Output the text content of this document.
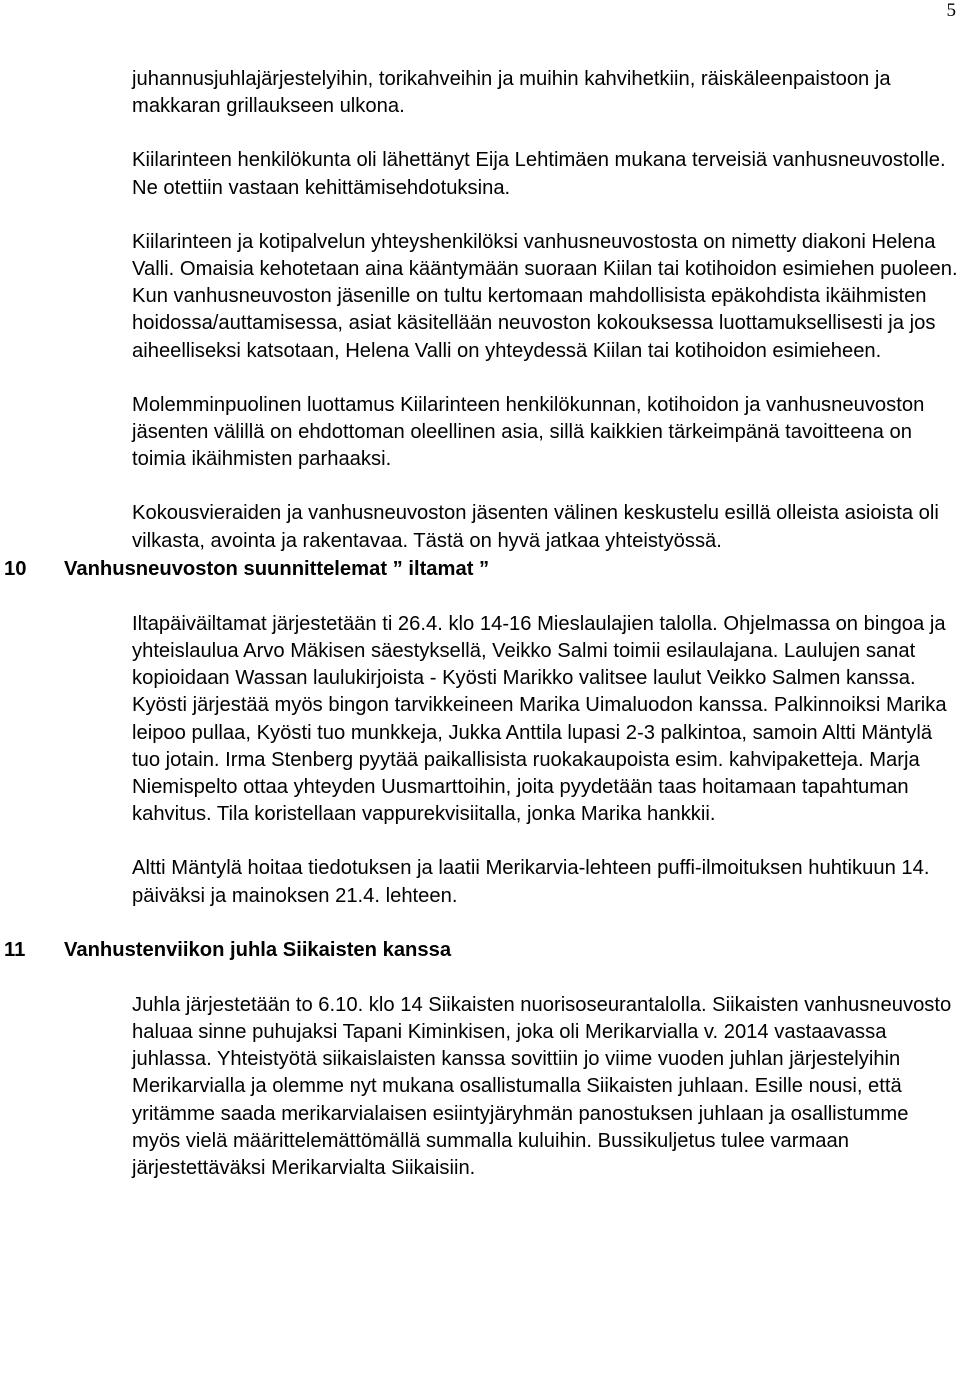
5

juhannusjuhlajärjestelyihin, torikahveihin ja muihin kahvihetkiin, räiskäleenpaistoon ja makkaran grillaukseen ulkona.

Kiilarinteen henkilökunta oli lähettänyt Eija Lehtimäen mukana terveisiä vanhusneuvostolle. Ne otettiin vastaan kehittämisehdotuksina.

Kiilarinteen ja kotipalvelun yhteyshenkilöksi vanhusneuvostosta on nimetty diakoni Helena Valli. Omaisia kehotetaan aina kääntymään suoraan Kiilan tai kotihoidon esimiehen puoleen. Kun vanhusneuvoston jäsenille on tultu kertomaan mahdollisista epäkohdista ikäihmisten hoidossa/auttamisessa, asiat käsitellään neuvoston kokouksessa luottamuksellisesti ja jos aiheelliseksi katsotaan, Helena Valli on yhteydessä Kiilan tai kotihoidon esimieheen.

Molemminpuolinen luottamus Kiilarinteen henkilökunnan, kotihoidon ja vanhusneuvoston jäsenten välillä on ehdottoman oleellinen asia, sillä kaikkien tärkeimpänä tavoitteena on toimia ikäihmisten parhaaksi.

Kokousvieraiden ja vanhusneuvoston jäsenten välinen keskustelu esillä olleista asioista oli vilkasta, avointa ja rakentavaa. Tästä on hyvä jatkaa yhteistyössä.

10 Vanhusneuvoston suunnittelemat ” iltamat ”

Iltapäiväiltamat järjestetään ti 26.4. klo 14-16 Mieslaulajien talolla. Ohjelmassa on bingoa ja yhteislaulua Arvo Mäkisen säestyksellä, Veikko Salmi toimii esilaulajana. Laulujen sanat kopioidaan Wassan laulukirjoista - Kyösti Marikko valitsee laulut Veikko Salmen kanssa. Kyösti järjestää myös bingon tarvikkeineen Marika Uimaluodon kanssa. Palkinnoiksi Marika leipoo pullaa, Kyösti tuo munkkeja, Jukka Anttila lupasi 2-3 palkintoa, samoin Altti Mäntylä tuo jotain. Irma Stenberg pyytää paikallisista ruokakaupoista esim. kahvipaketteja. Marja Niemispelto ottaa yhteyden Uusmarttoihin, joita pyydetään taas hoitamaan tapahtuman kahvitus. Tila koristellaan vappurekvisiitalla, jonka Marika hankkii.

Altti Mäntylä hoitaa tiedotuksen ja laatii Merikarvia-lehteen puffi-ilmoituksen huhtikuun 14. päiväksi ja mainoksen 21.4. lehteen.

11 Vanhustenviikon juhla Siikaisten kanssa

Juhla järjestetään to 6.10. klo 14 Siikaisten nuorisoseurantalolla. Siikaisten vanhusneuvosto haluaa sinne puhujaksi Tapani Kiminkisen, joka oli Merikarvialla v. 2014 vastaavassa juhlassa. Yhteistyötä siikaislaisten kanssa sovittiin jo viime vuoden juhlan järjestelyihin Merikarvialla ja olemme nyt mukana osallistumalla Siikaisten juhlaan. Esille nousi, että yritämme saada merikarvialaisen esiintyjäryhmän panostuksen juhlaan ja osallistumme myös vielä määrittelemättömällä summalla kuluihin. Bussikuljetus tulee varmaan järjestettäväksi Merikarvialta Siikaisiin.
